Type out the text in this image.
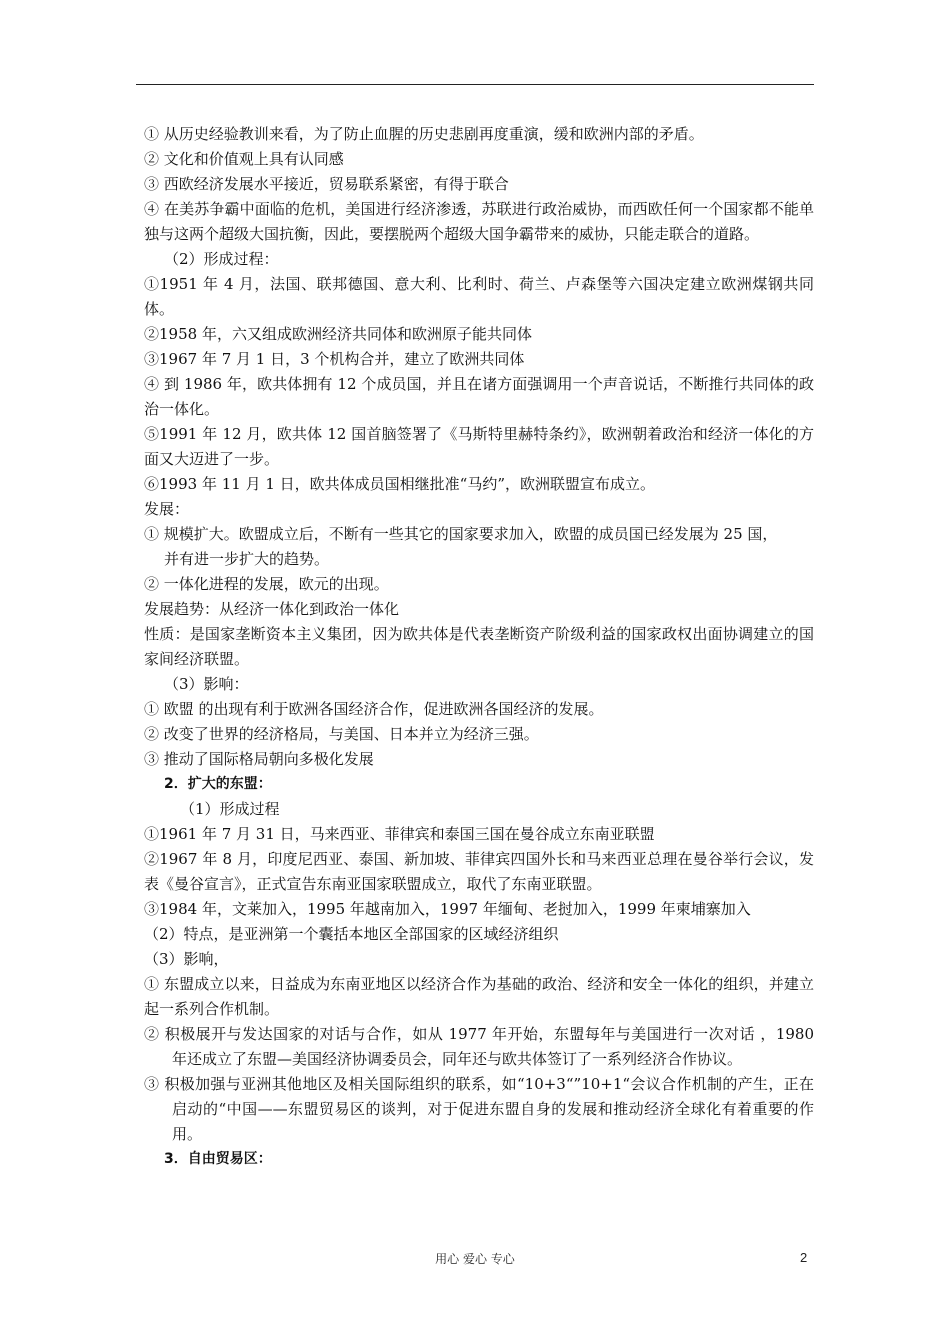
① 从历史经验教训来看，为了防止血腥的历史悲剧再度重演，缓和欧洲内部的矛盾。
② 文化和价值观上具有认同感
③ 西欧经济发展水平接近，贸易联系紧密，有得于联合
④ 在美苏争霸中面临的危机，美国进行经济渗透，苏联进行政治威协，而西欧任何一个国家都不能单独与这两个超级大国抗衡，因此，要摆脱两个超级大国争霸带来的威协，只能走联合的道路。
（2）形成过程：
①1951 年 4 月，法国、联邦德国、意大利、比利时、荷兰、卢森堡等六国决定建立欧洲煤钢共同体。
②1958 年，六又组成欧洲经济共同体和欧洲原子能共同体
③1967 年 7 月 1 日，3 个机构合并，建立了欧洲共同体
④ 到 1986 年，欧共体拥有 12 个成员国，并且在诸方面强调用一个声音说话，不断推行共同体的政治一体化。
⑤1991 年 12 月，欧共体 12 国首脑签署了《马斯特里赫特条约》，欧洲朝着政治和经济一体化的方面又大迈进了一步。
⑥1993 年 11 月 1 日，欧共体成员国相继批准“马约”，欧洲联盟宣布成立。
发展：
① 规模扩大。欧盟成立后，不断有一些其它的国家要求加入，欧盟的成员国已经发展为 25 国，
并有进一步扩大的趋势。
② 一体化进程的发展，欧元的出现。
发展趋势：从经济一体化到政治一体化
性质：是国家垄断资本主义集团，因为欧共体是代表垄断资产阶级利益的国家政权出面协调建立的国家间经济联盟。
（3）影响：
① 欧盟 的出现有利于欧洲各国经济合作，促进欧洲各国经济的发展。
② 改变了世界的经济格局，与美国、日本并立为经济三强。
③ 推动了国际格局朝向多极化发展
2．扩大的东盟：
（1）形成过程
①1961 年 7 月 31 日，马来西亚、菲律宾和泰国三国在曼谷成立东南亚联盟
②1967 年 8 月，印度尼西亚、泰国、新加坡、菲律宾四国外长和马来西亚总理在曼谷举行会议，发表《曼谷宣言》，正式宣告东南亚国家联盟成立，取代了东南亚联盟。
③1984 年，文莱加入，1995 年越南加入，1997 年缅甸、老挝加入，1999 年柬埔寨加入
（2）特点，是亚洲第一个囊括本地区全部国家的区域经济组织
（3）影响，
① 东盟成立以来，日益成为东南亚地区以经济合作为基础的政治、经济和安全一体化的组织，并建立起一系列合作机制。
② 积极展开与发达国家的对话与合作，如从 1977 年开始，东盟每年与美国进行一次对话 ，1980 年还成立了东盟—美国经济协调委员会，同年还与欧共体签订了一系列经济合作协议。
③ 积极加强与亚洲其他地区及相关国际组织的联系，如“10+3“”10+1“会议合作机制的产生，正在启动的“中国——东盟贸易区的谈判，对于促进东盟自身的发展和推动经济全球化有着重要的作用。
3．自由贸易区：
用心 爱心 专心	2
